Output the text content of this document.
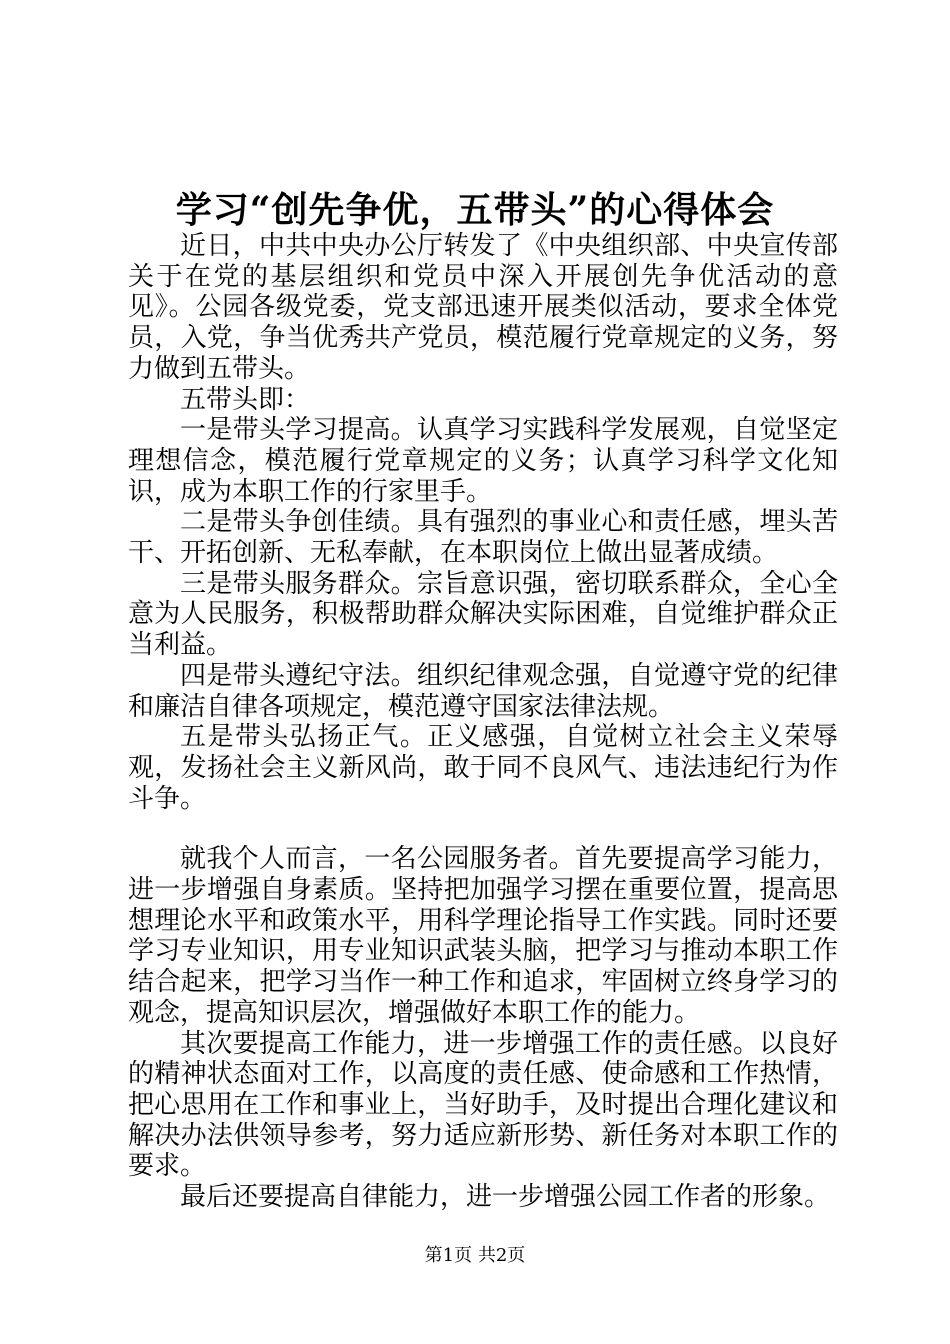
学习“创先争优，五带头”的心得体会

近日，中共中央办公厅转发了《中央组织部、中央宣传部关于在党的基层组织和党员中深入开展创先争优活动的意见》。公园各级党委，党支部迅速开展类似活动，要求全体党员，入党，争当优秀共产党员，模范履行党章规定的义务，努力做到五带头。

五带头即：

一是带头学习提高。认真学习实践科学发展观，自觉坚定理想信念，模范履行党章规定的义务；认真学习科学文化知识，成为本职工作的行家里手。

二是带头争创佳绩。具有强烈的事业心和责任感，埋头苦干、开拓创新、无私奉献，在本职岗位上做出显著成绩。

三是带头服务群众。宗旨意识强，密切联系群众，全心全意为人民服务，积极帮助群众解决实际困难，自觉维护群众正当利益。

四是带头遵纪守法。组织纪律观念强，自觉遵守党的纪律和廉洁自律各项规定，模范遵守国家法律法规。

五是带头弘扬正气。正义感强，自觉树立社会主义荣辱观，发扬社会主义新风尚，敢于同不良风气、违法违纪行为作斗争。

就我个人而言，一名公园服务者。首先要提高学习能力，进一步增强自身素质。坚持把加强学习摆在重要位置，提高思想理论水平和政策水平，用科学理论指导工作实践。同时还要学习专业知识，用专业知识武装头脑，把学习与推动本职工作结合起来，把学习当作一种工作和追求，牢固树立终身学习的观念，提高知识层次，增强做好本职工作的能力。

其次要提高工作能力，进一步增强工作的责任感。以良好的精神状态面对工作，以高度的责任感、使命感和工作热情，把心思用在工作和事业上，当好助手，及时提出合理化建议和解决办法供领导参考，努力适应新形势、新任务对本职工作的要求。

最后还要提高自律能力，进一步增强公园工作者的形象。

第1页 共2页
